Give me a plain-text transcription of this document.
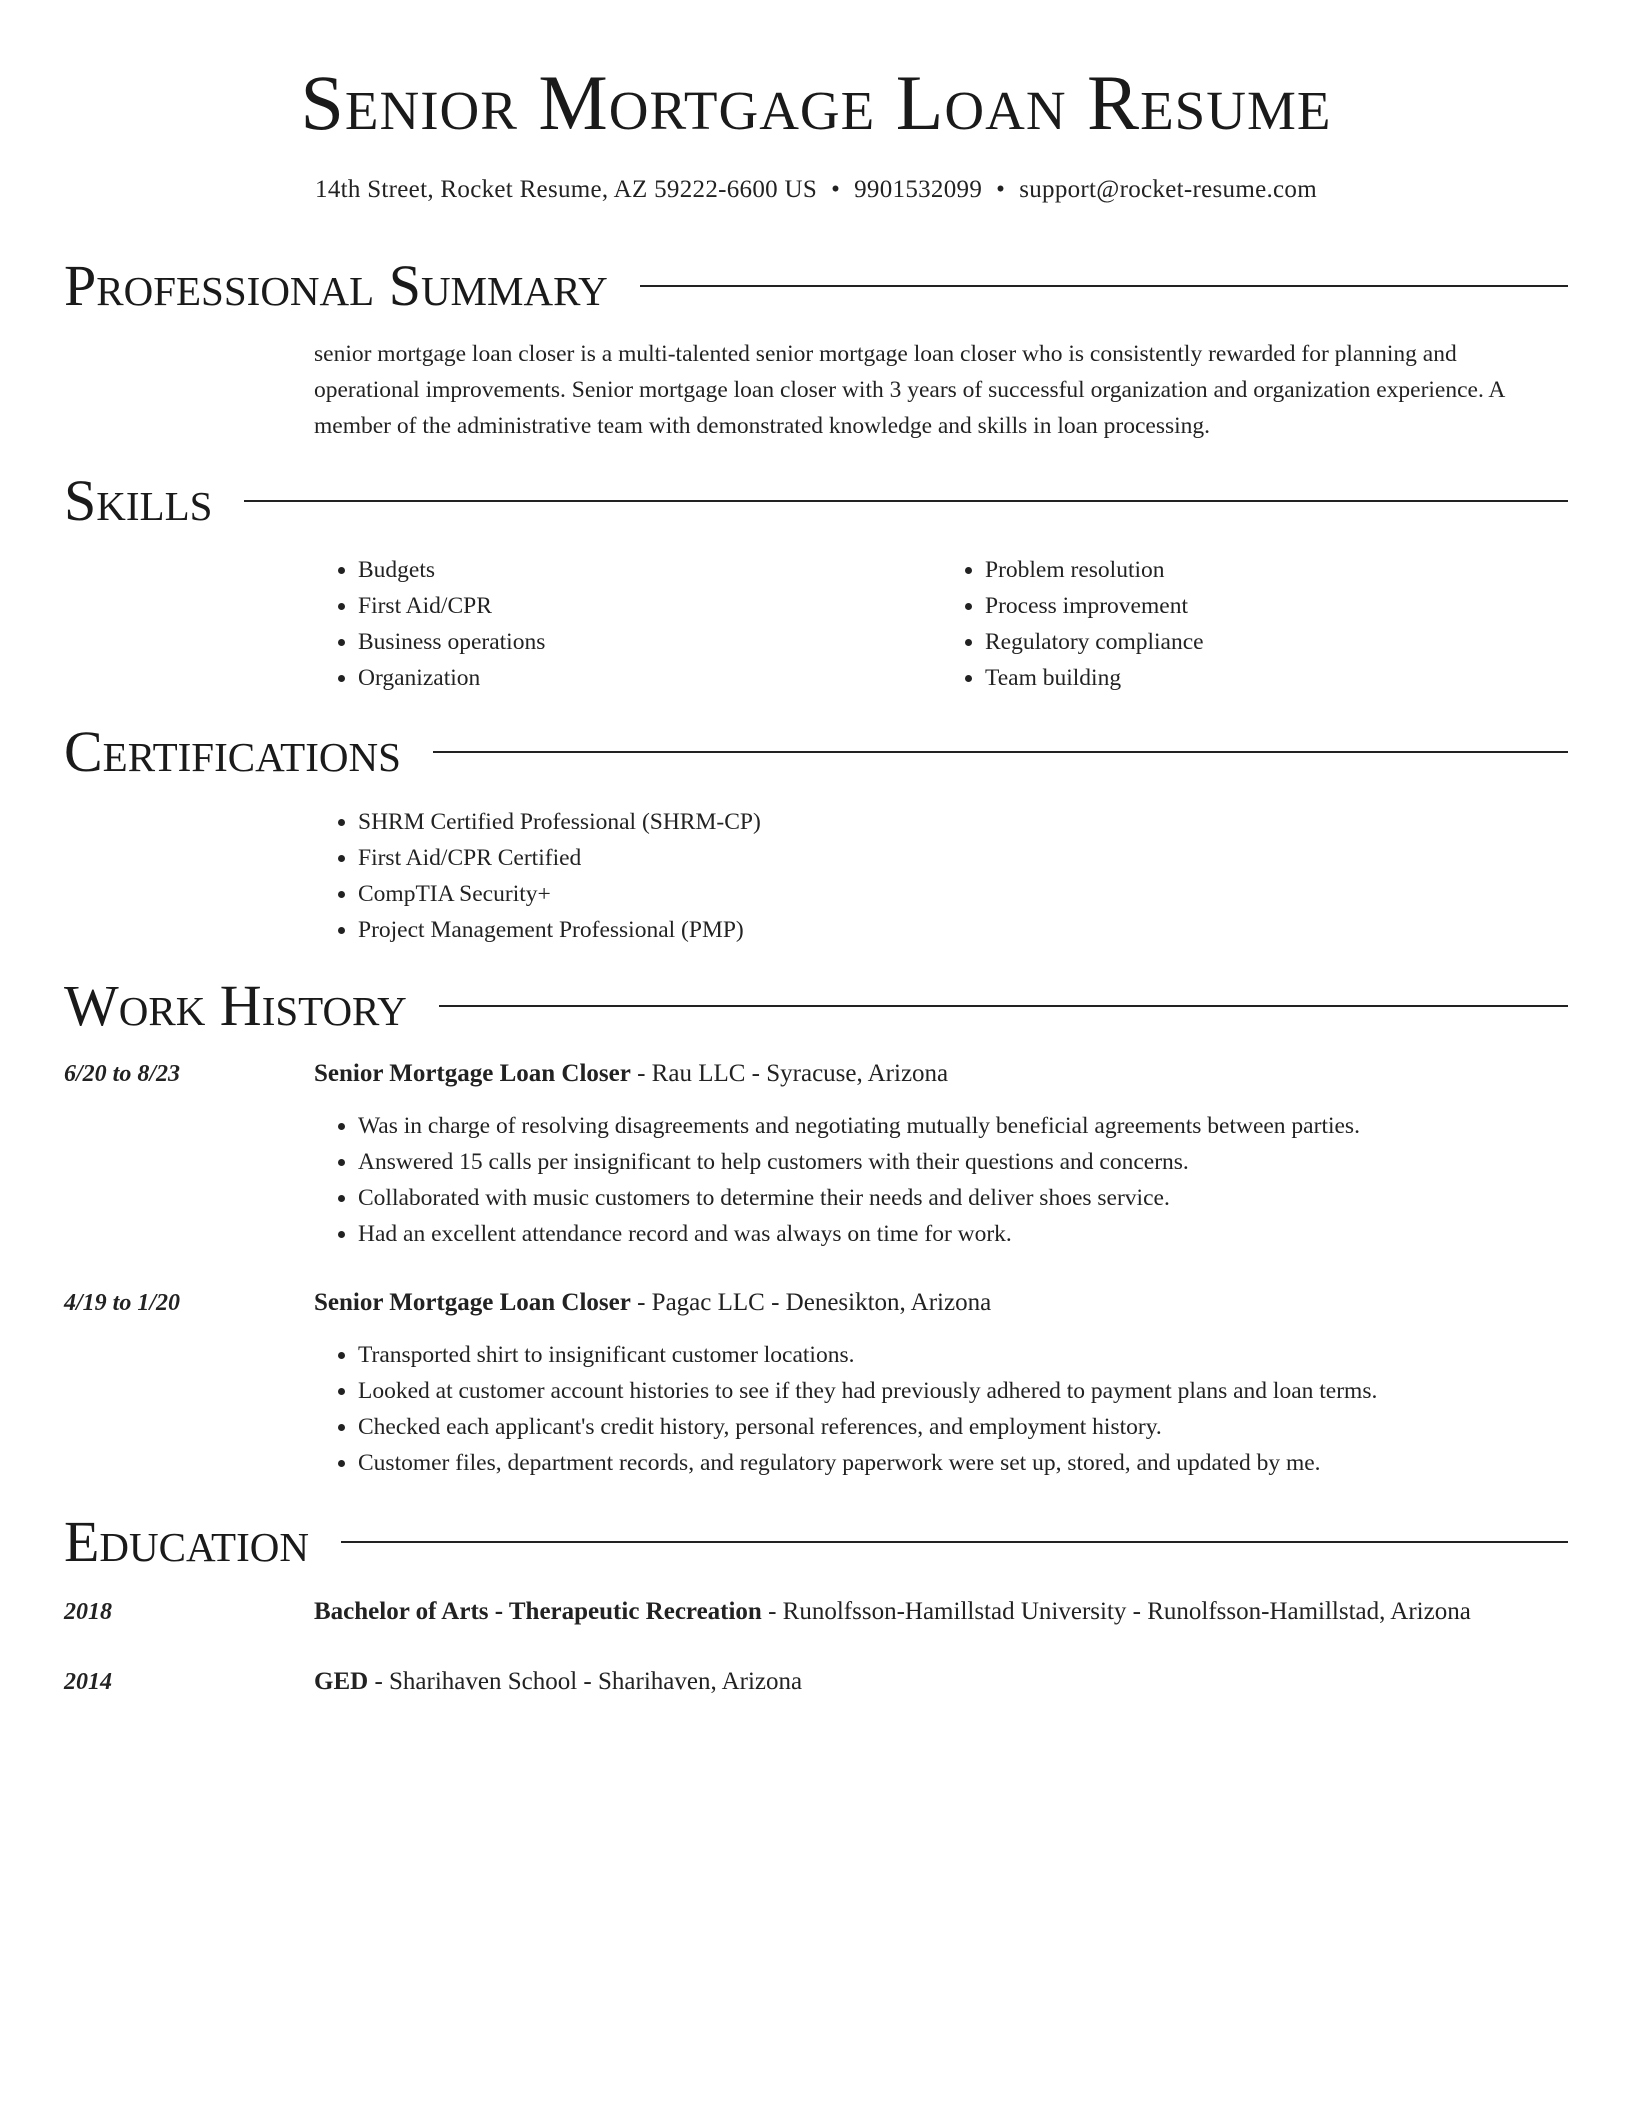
Senior Mortgage Loan Resume
14th Street, Rocket Resume, AZ 59222-6600 US • 9901532099 • support@rocket-resume.com
Professional Summary

senior mortgage loan closer is a multi-talented senior mortgage loan closer who is consistently rewarded for planning and operational improvements. Senior mortgage loan closer with 3 years of successful organization and organization experience. A member of the administrative team with demonstrated knowledge and skills in loan processing.

Skills
• Budgets
• First Aid/CPR
• Business operations
• Organization
• Problem resolution
• Process improvement
• Regulatory compliance
• Team building
Certifications
• SHRM Certified Professional (SHRM-CP)
• First Aid/CPR Certified
• CompTIA Security+
• Project Management Professional (PMP)
Work History
6/20 to 8/23	Senior Mortgage Loan Closer - Rau LLC - Syracuse, Arizona
• Was in charge of resolving disagreements and negotiating mutually beneficial agreements between parties.
• Answered 15 calls per insignificant to help customers with their questions and concerns.
• Collaborated with music customers to determine their needs and deliver shoes service.
• Had an excellent attendance record and was always on time for work.
4/19 to 1/20	Senior Mortgage Loan Closer - Pagac LLC - Denesikton, Arizona
• Transported shirt to insignificant customer locations.
• Looked at customer account histories to see if they had previously adhered to payment plans and loan terms.
• Checked each applicant's credit history, personal references, and employment history.
• Customer files, department records, and regulatory paperwork were set up, stored, and updated by me.
Education
2018	Bachelor of Arts - Therapeutic Recreation - Runolfsson-Hamillstad University - Runolfsson-Hamillstad, Arizona
2014	GED - Sharihaven School - Sharihaven, Arizona
